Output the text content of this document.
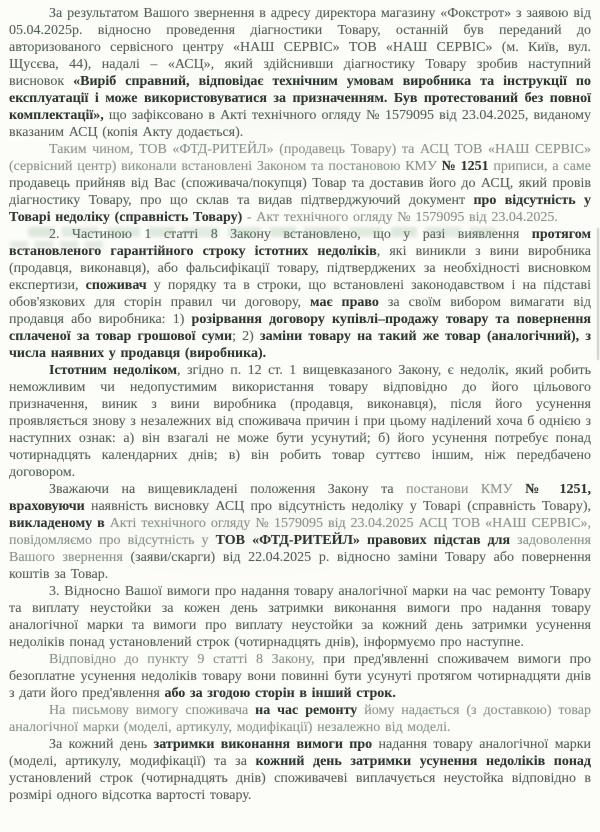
За результатом Вашого звернення в адресу директора магазину «Фокстрот» з заявою від 05.04.2025р. відносно проведення діагностики Товару, останній був переданий до авторизованого сервісного центру «НАШ СЕРВІС» ТОВ «НАШ СЕРВІС» (м. Київ, вул. Щусєва, 44), надалі – «АСЦ», який здійснивши діагностику Товару зробив наступний висновок «Виріб справний, відповідає технічним умовам виробника та інструкції по експлуатації і може використовуватися за призначенням. Був протестований без повної комплектації», що зафіксовано в Акті технічного огляду № 1579095 від 23.04.2025, виданому вказаним АСЦ (копія Акту додається).

Таким чином, ТОВ «ФТД-РИТЕЙЛ» (продавець Товару) та АСЦ ТОВ «НАШ СЕРВІС» (сервісний центр) виконали встановлені Законом та постановою КМУ № 1251 приписи, а саме продавець прийняв від Вас (споживача/покупця) Товар та доставив його до АСЦ, який провів діагностику Товару, про що склав та видав підтверджуючий документ про відсутність у Товарі недоліку (справність Товару) - Акт технічного огляду № 1579095 від 23.04.2025.

2. Частиною 1 статті 8 Закону встановлено, що у разі виявлення протягом встановленого гарантійного строку істотних недоліків, які виникли з вини виробника (продавця, виконавця), або фальсифікації товару, підтверджених за необхідності висновком експертизи, споживач у порядку та в строки, що встановлені законодавством і на підставі обов'язкових для сторін правил чи договору, має право за своїм вибором вимагати від продавця або виробника: 1) розірвання договору купівлі–продажу товару та повернення сплаченої за товар грошової суми; 2) заміни товару на такий же товар (аналогічний), з числа наявних у продавця (виробника).

Істотним недоліком, згідно п. 12 ст. 1 вищевказаного Закону, є недолік, який робить неможливим чи недопустимим використання товару відповідно до його цільового призначення, виник з вини виробника (продавця, виконавця), після його усунення проявляється знову з незалежних від споживача причин і при цьому наділений хоча б однією з наступних ознак: а) він взагалі не може бути усунутий; б) його усунення потребує понад чотирнадцять календарних днів; в) він робить товар суттєво іншим, ніж передбачено договором.

Зважаючи на вищевикладені положення Закону та постанови КМУ № 1251, враховуючи наявність висновку АСЦ про відсутність недоліку у Товарі (справність Товару), викладеному в Акті технічного огляду № 1579095 від 23.04.2025 АСЦ ТОВ «НАШ СЕРВІС», повідомляємо про відсутність у ТОВ «ФТД-РИТЕЙЛ» правових підстав для задоволення Вашого звернення (заяви/скарги) від 22.04.2025 р. відносно заміни Товару або повернення коштів за Товар.

3. Відносно Вашої вимоги про надання товару аналогічної марки на час ремонту Товару та виплату неустойки за кожен день затримки виконання вимоги про надання товару аналогічної марки та вимоги про виплату неустойки за кожний день затримки усунення недоліків понад установлений строк (чотирнадцять днів), інформуємо про наступне.

Відповідно до пункту 9 статті 8 Закону, при пред'явленні споживачем вимоги про безоплатне усунення недоліків товару вони повинні бути усунуті протягом чотирнадцяти днів з дати його пред'явлення або за згодою сторін в інший строк.

На письмову вимогу споживача на час ремонту йому надається (з доставкою) товар аналогічної марки (моделі, артикулу, модифікації) незалежно від моделі.

За кожний день затримки виконання вимоги про надання товару аналогічної марки (моделі, артикулу, модифікації) та за кожний день затримки усунення недоліків понад установлений строк (чотирнадцять днів) споживачеві виплачується неустойка відповідно в розмірі одного відсотка вартості товару.
